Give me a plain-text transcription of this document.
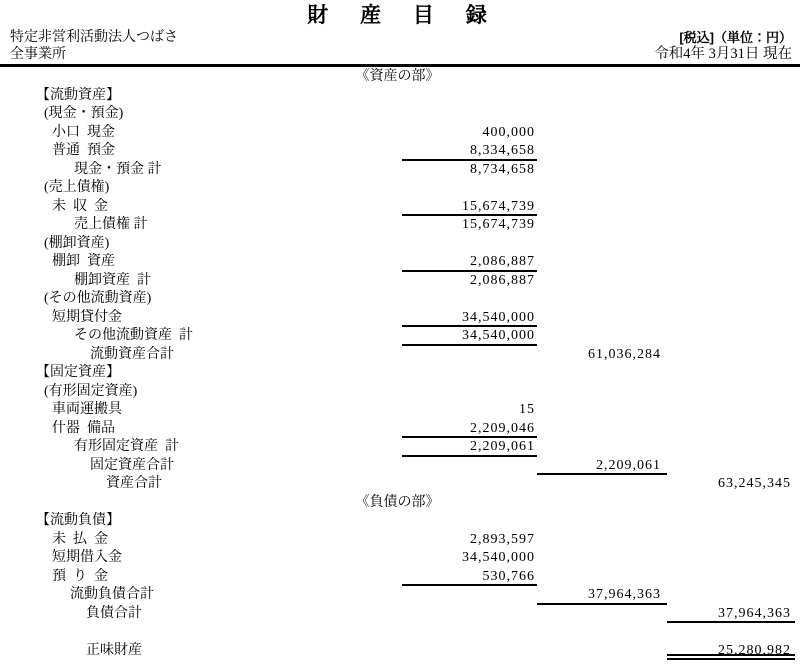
財 産 目 録
特定非営利活動法人つばさ
全事業所
[税込]（単位：円）
令和4年 3月31日 現在
《資産の部》
【流動資産】
(現金・預金)
小口  現金	400,000
普通  預金	8,334,658
現金・預金 計	8,734,658
(売上債権)
未  収  金	15,674,739
売上債権 計	15,674,739
(棚卸資産)
棚卸  資産	2,086,887
棚卸資産  計	2,086,887
(その他流動資産)
短期貸付金	34,540,000
その他流動資産  計	34,540,000
流動資産合計	61,036,284
【固定資産】
(有形固定資産)
車両運搬具	15
什器  備品	2,209,046
有形固定資産  計	2,209,061
固定資産合計	2,209,061
資産合計	63,245,345
《負債の部》
【流動負債】
未  払  金	2,893,597
短期借入金	34,540,000
預  り  金	530,766
流動負債合計	37,964,363
負債合計	37,964,363
正味財産	25,280,982
